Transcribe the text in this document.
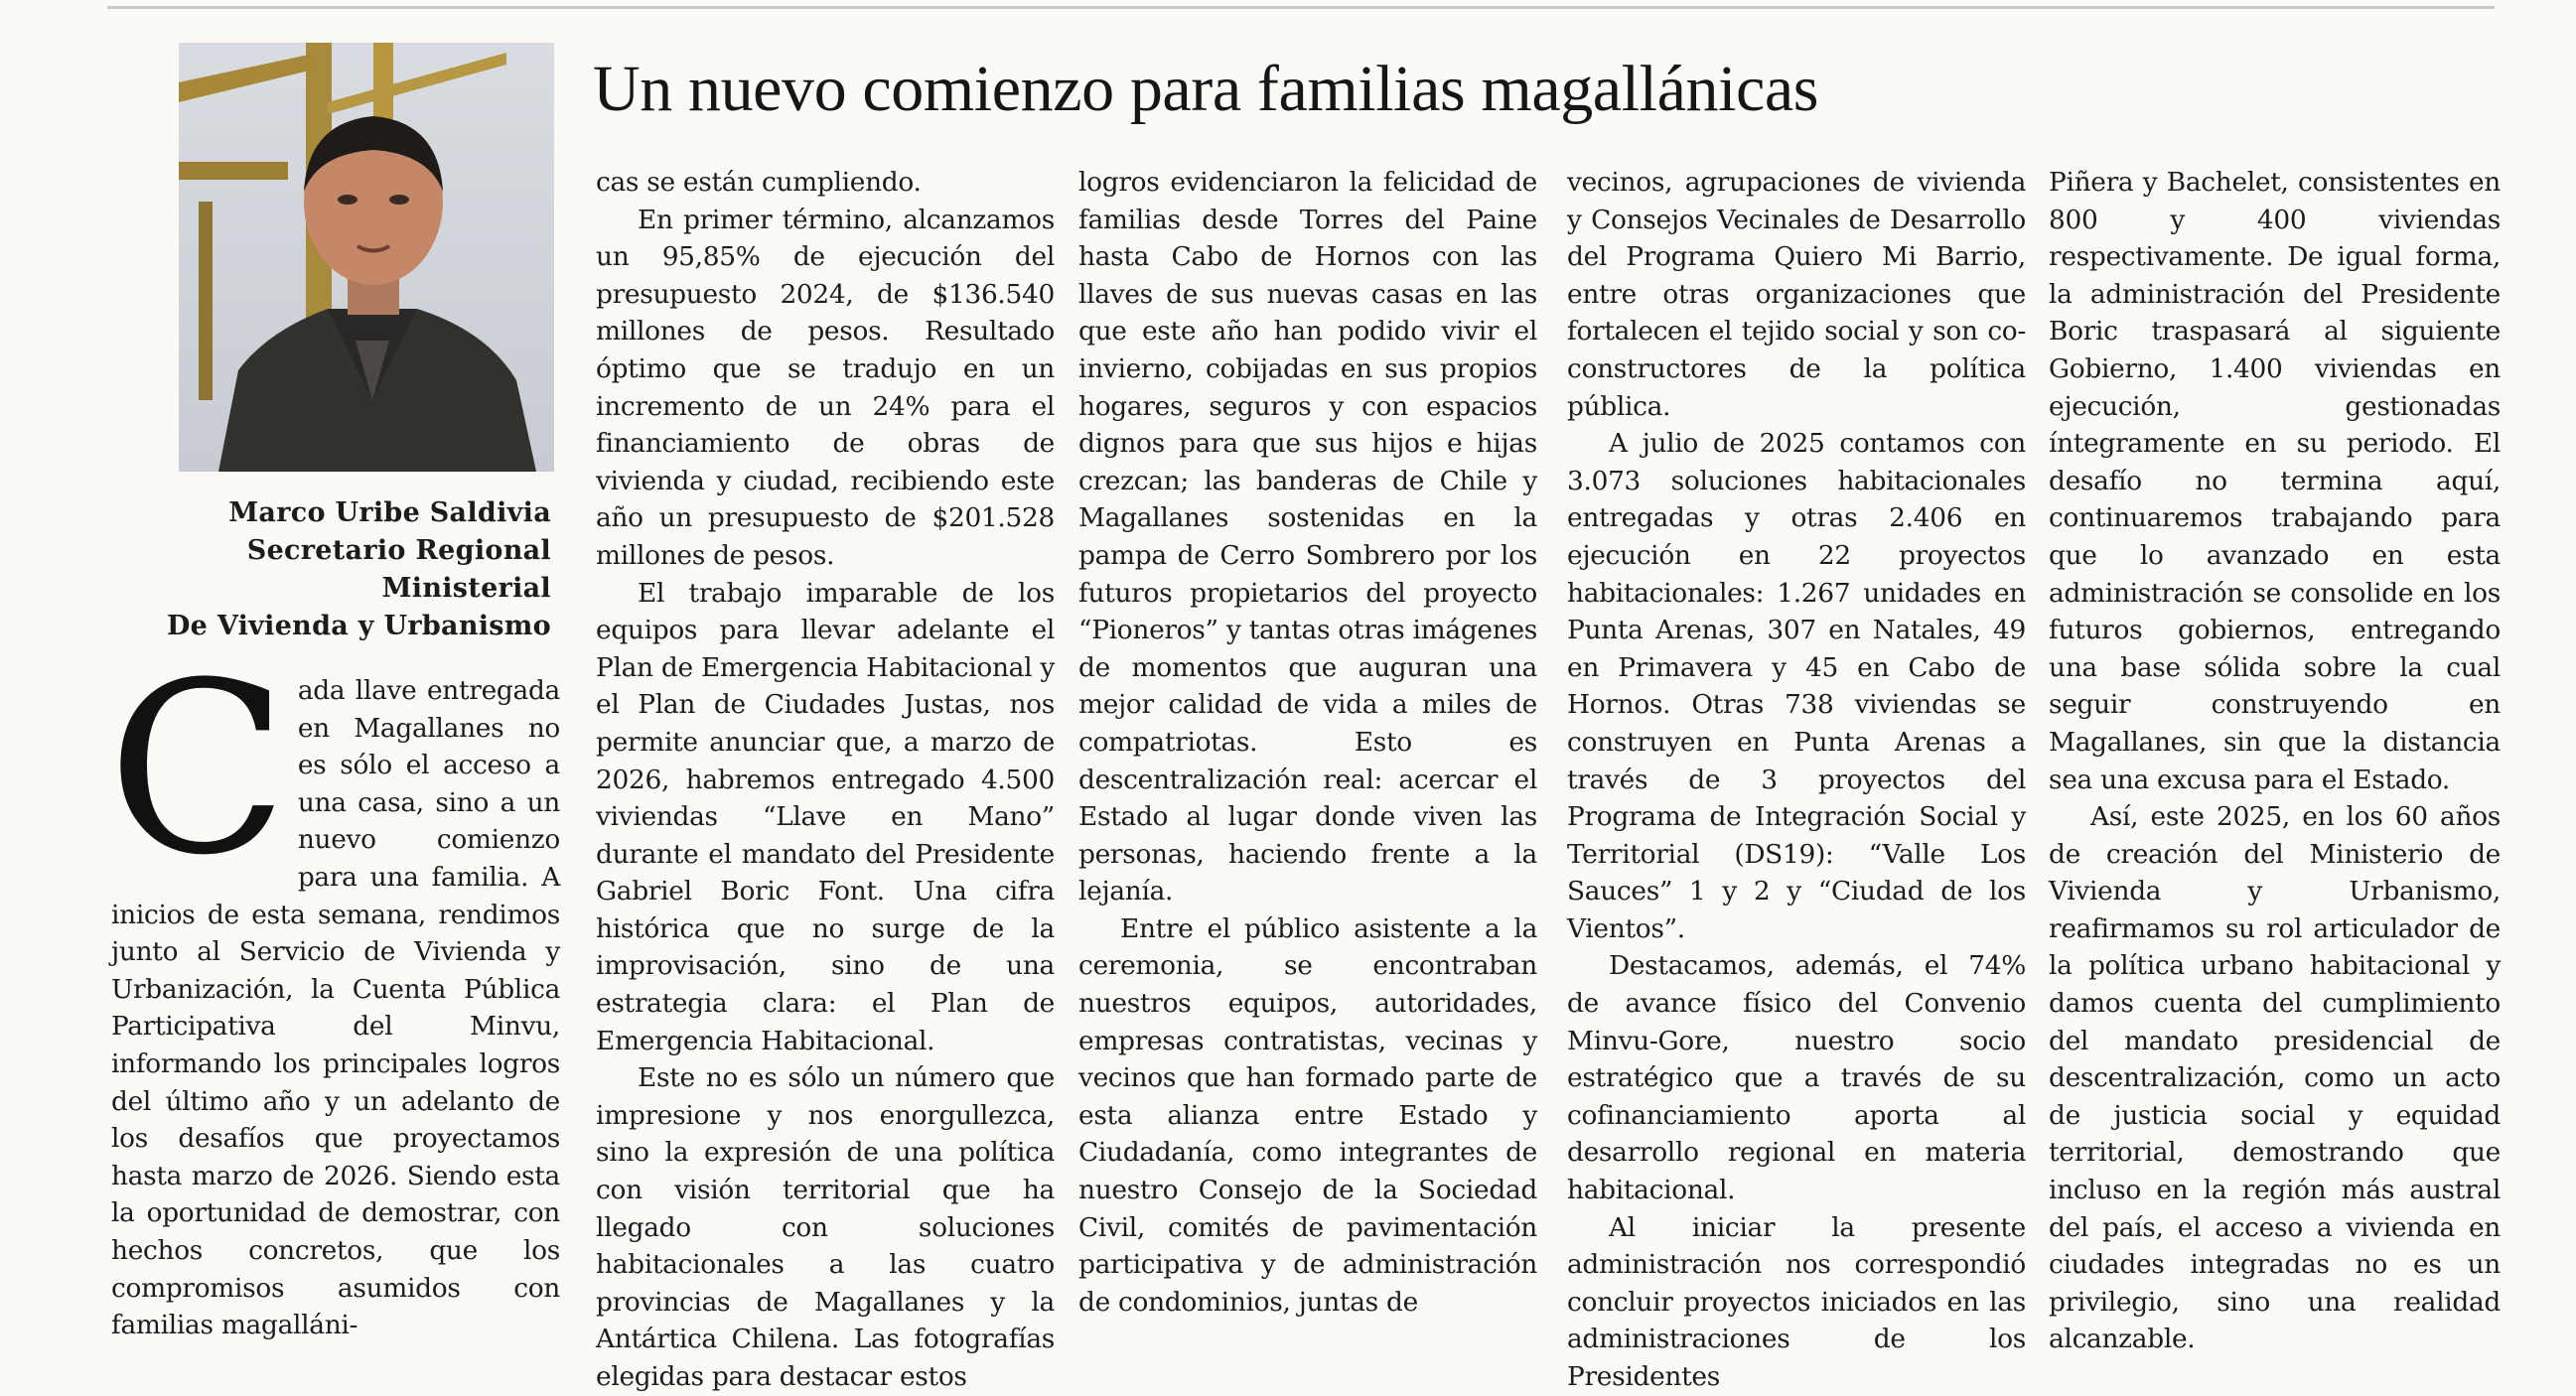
Marco Uribe Saldivia
Secretario Regional Ministerial
De Vivienda y Urbanismo
Un nuevo comienzo para familias magallánicas
C ada llave entregada en Magallanes no es sólo el acceso a una casa, sino a un nuevo comienzo para una familia. A inicios de esta semana, rendimos junto al Servicio de Vivienda y Urbanización, la Cuenta Pública Participativa del Minvu, informando los principales logros del último año y un adelanto de los desafíos que proyectamos hasta marzo de 2026. Siendo esta la oportunidad de demostrar, con hechos concretos, que los compromisos asumidos con familias magalláni-

cas se están cumpliendo.

En primer término, alcanzamos un 95,85% de ejecución del presupuesto 2024, de $136.540 millones de pesos. Resultado óptimo que se tradujo en un incremento de un 24% para el financiamiento de obras de vivienda y ciudad, recibiendo este año un presupuesto de $201.528 millones de pesos.

El trabajo imparable de los equipos para llevar adelante el Plan de Emergencia Habitacional y el Plan de Ciudades Justas, nos permite anunciar que, a marzo de 2026, habremos entregado 4.500 viviendas “Llave en Mano” durante el mandato del Presidente Gabriel Boric Font. Una cifra histórica que no surge de la improvisación, sino de una estrategia clara: el Plan de Emergencia Habitacional.

Este no es sólo un número que impresione y nos enorgullezca, sino la expresión de una política con visión territorial que ha llegado con soluciones habitacionales a las cuatro provincias de Magallanes y la Antártica Chilena. Las fotografías elegidas para destacar estos

logros evidenciaron la felicidad de familias desde Torres del Paine hasta Cabo de Hornos con las llaves de sus nuevas casas en las que este año han podido vivir el invierno, cobijadas en sus propios hogares, seguros y con espacios dignos para que sus hijos e hijas crezcan; las banderas de Chile y Magallanes sostenidas en la pampa de Cerro Sombrero por los futuros propietarios del proyecto “Pioneros” y tantas otras imágenes de momentos que auguran una mejor calidad de vida a miles de compatriotas. Esto es descentralización real: acercar el Estado al lugar donde viven las personas, haciendo frente a la lejanía.

Entre el público asistente a la ceremonia, se encontraban nuestros equipos, autoridades, empresas contratistas, vecinas y vecinos que han formado parte de esta alianza entre Estado y Ciudadanía, como integrantes de nuestro Consejo de la Sociedad Civil, comités de pavimentación participativa y de administración de condominios, juntas de

vecinos, agrupaciones de vivienda y Consejos Vecinales de Desarrollo del Programa Quiero Mi Barrio, entre otras organizaciones que fortalecen el tejido social y son co-constructores de la política pública.

A julio de 2025 contamos con 3.073 soluciones habitacionales entregadas y otras 2.406 en ejecución en 22 proyectos habitacionales: 1.267 unidades en Punta Arenas, 307 en Natales, 49 en Primavera y 45 en Cabo de Hornos. Otras 738 viviendas se construyen en Punta Arenas a través de 3 proyectos del Programa de Integración Social y Territorial (DS19): “Valle Los Sauces” 1 y 2 y “Ciudad de los Vientos”.

Destacamos, además, el 74% de avance físico del Convenio Minvu-Gore, nuestro socio estratégico que a través de su cofinanciamiento aporta al desarrollo regional en materia habitacional.

Al iniciar la presente administración nos correspondió concluir proyectos iniciados en las administraciones de los Presidentes

Piñera y Bachelet, consistentes en 800 y 400 viviendas respectivamente. De igual forma, la administración del Presidente Boric traspasará al siguiente Gobierno, 1.400 viviendas en ejecución, gestionadas íntegramente en su periodo. El desafío no termina aquí, continuaremos trabajando para que lo avanzado en esta administración se consolide en los futuros gobiernos, entregando una base sólida sobre la cual seguir construyendo en Magallanes, sin que la distancia sea una excusa para el Estado.

Así, este 2025, en los 60 años de creación del Ministerio de Vivienda y Urbanismo, reafirmamos su rol articulador de la política urbano habitacional y damos cuenta del cumplimiento del mandato presidencial de descentralización, como un acto de justicia social y equidad territorial, demostrando que incluso en la región más austral del país, el acceso a vivienda en ciudades integradas no es un privilegio, sino una realidad alcanzable.
